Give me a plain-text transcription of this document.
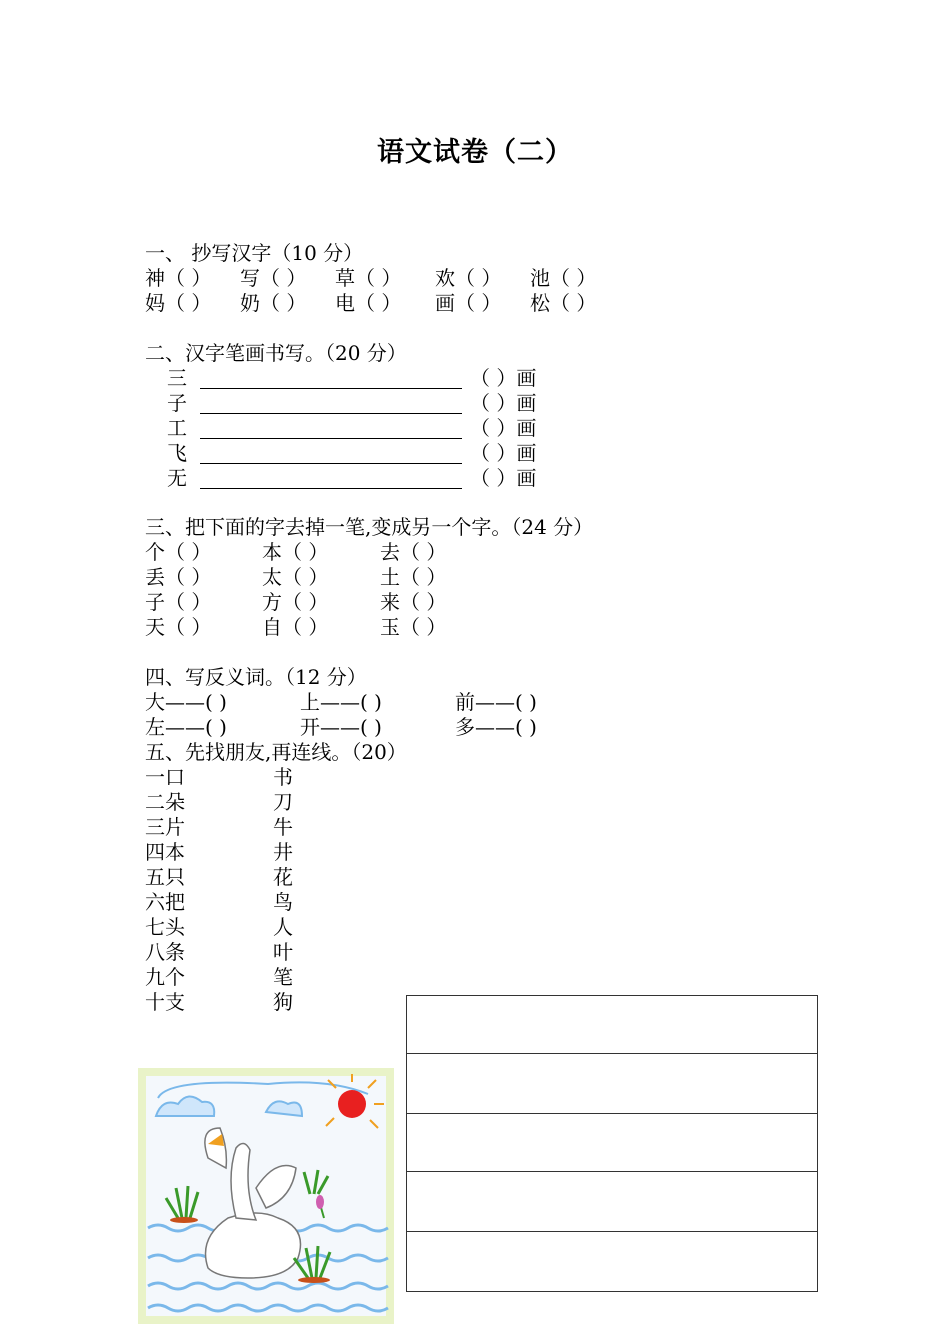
语文试卷（二）
一、 抄写汉字（10 分）
神（ ） 写（ ） 草（ ） 欢（ ） 池（ ）
妈（ ） 奶（ ） 电（ ） 画（ ） 松（ ）
二、汉字笔画书写。（20 分）
三	（ ）画
子	（ ）画
工	（ ）画
飞	（ ）画
无	（ ）画
三、把下面的字去掉一笔,变成另一个字。（24 分）
个（ ）	本（ ）	去（ ）
丢（ ）	太（ ）	土（ ）
子（ ）	方（ ）	来（ ）
天（ ）	自（ ）	玉（ ）
四、写反义词。（12 分）
大——( )	上——( )	前——( )
左——( )	开——( )	多——( )
五、先找朋友,再连线。（20）
一口	书
二朵	刀
三片	牛
四本	井
五只	花
六把	鸟
七头	人
八条	叶
九个	笔
十支	狗
